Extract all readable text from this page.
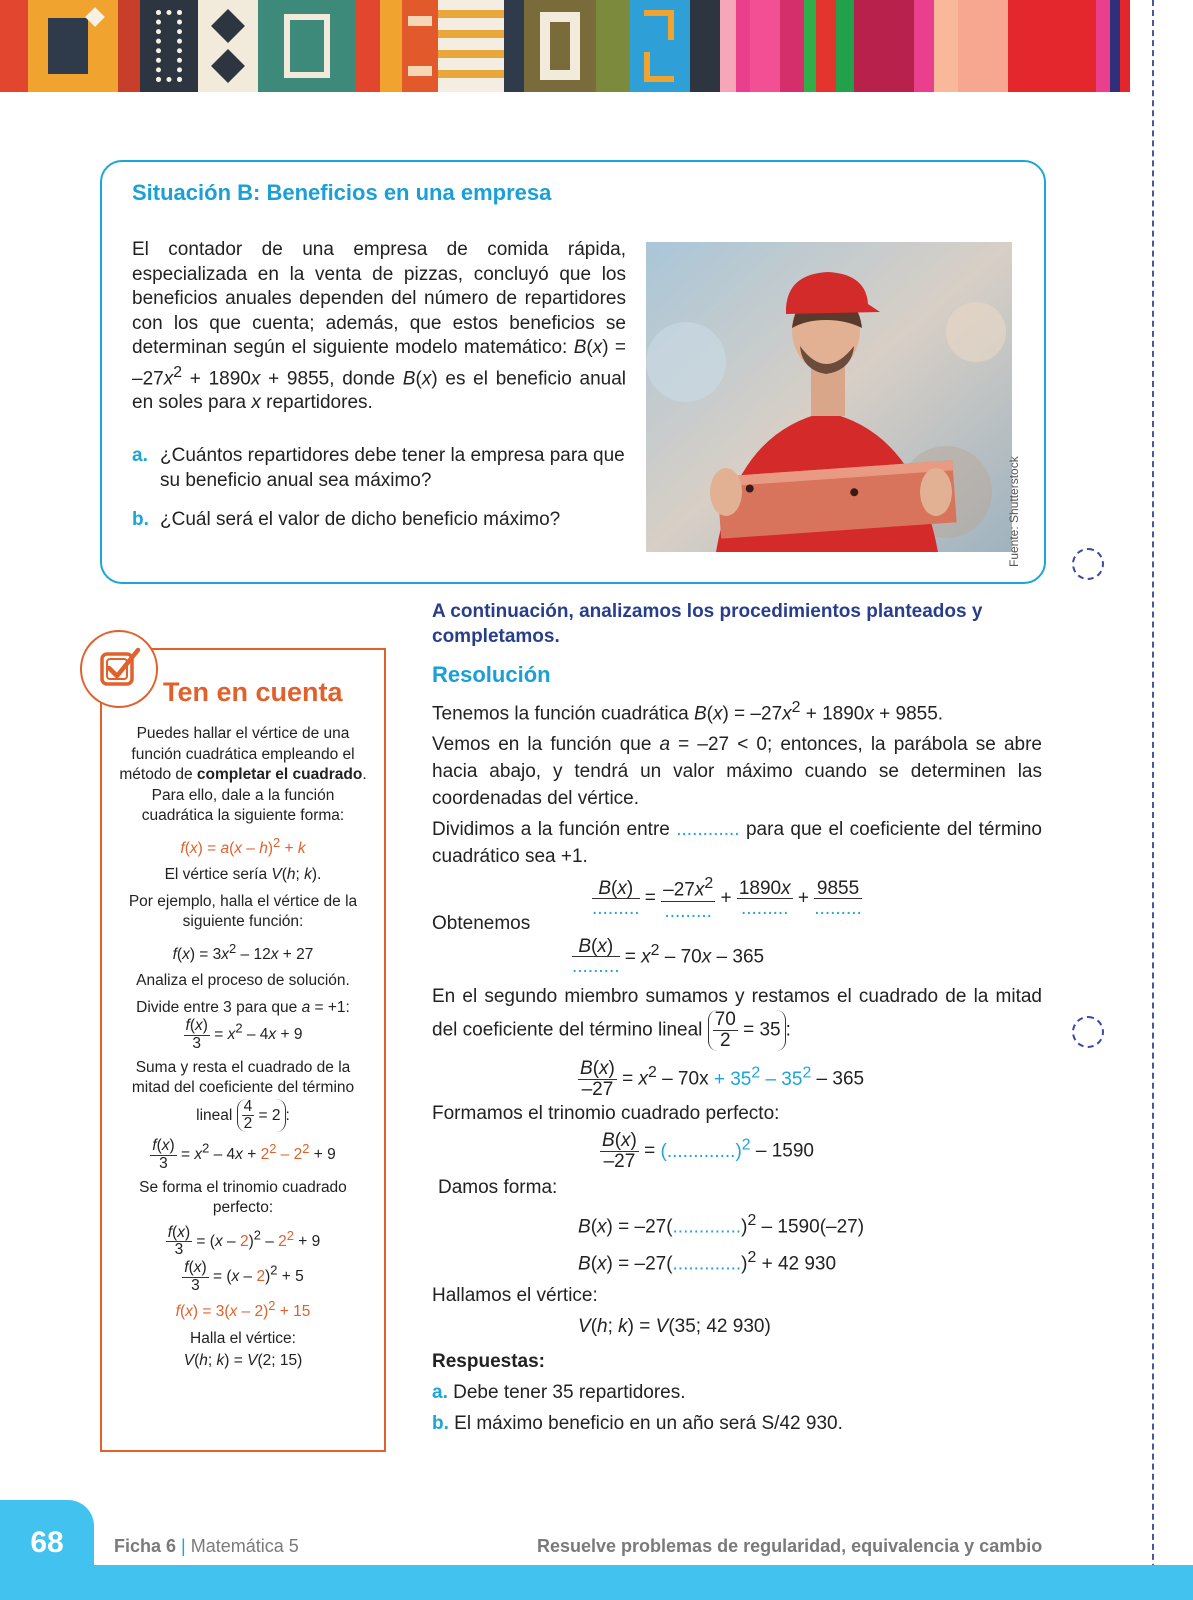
Situación B: Beneficios en una empresa
El contador de una empresa de comida rápida, especializada en la venta de pizzas, concluyó que los beneficios anuales dependen del número de repartidores con los que cuenta; además, que estos beneficios se determinan según el siguiente modelo matemático: $B(x) = -27x^2 + 1890x + 9855$, donde B(x) es el beneficio anual en soles para x repartidores.
a. ¿Cuántos repartidores debe tener la empresa para que su beneficio anual sea máximo?
b. ¿Cuál será el valor de dicho beneficio máximo?	Fuente: Shutterstock
Ten en cuenta

Puedes hallar el vértice de una función cuadrática empleando el método de completar el cuadrado. Para ello, dale a la función cuadrática la siguiente forma:

f(x) = a(x – h)$^2$ + k

El vértice sería V(h; k).

Por ejemplo, halla el vértice de la siguiente función:

$f(x) = 3x^2 - 12x + 27$

Analiza el proceso de solución.

Divide entre 3 para que a = +1:

$\frac{f(x)}{3} = x^2 - 4x + 9$

Suma y resta el cuadrado de la mitad del coeficiente del término lineal $\frac{4}{2} = 2$ :

$\frac{f(x)}{3} = x^2 - 4x + 2^2 - 2^2 + 9$

Se forma el trinomio cuadrado perfecto:

$\frac{f(x)}{3} = (x - 2)^2 - 2^2 + 9$

$\frac{f(x)}{3} = (x - 2)^2 + 5$

f(x) = 3(x – 2)$^2$ + 15

Halla el vértice:

V(h; k) = V(2; 15)

A continuación, analizamos los procedimientos planteados y completamos.

Resolución

Tenemos la función cuadrática $B(x) = -27x^2 + 1890x + 9855$.

Vemos en la función que a = –27 < 0; entonces, la parábola se abre hacia abajo, y tendrá un valor máximo cuando se determinen las coordenadas del vértice.

Dividimos a la función entre ............ para que el coeficiente del término cuadrático sea +1.

$\frac{B(x)}{.........} = \frac{-27x^2}{.........} + \frac{1890x}{.........} + \frac{9855}{.........}$

Obtenemos

$\frac{B(x)}{.........} = x^2 - 70x - 365$

En el segundo miembro sumamos y restamos el cuadrado de la mitad del coeficiente del término lineal $\frac{70}{2} = 35$ :

$\frac{B(x)}{-27} = x^2 - 70x + 35^2 - 35^2 - 365$

Formamos el trinomio cuadrado perfecto:

$\frac{B(x)}{-27} = (.............)^2 - 1590$

Damos forma:

B(x) = –27(.............)$^2$ – 1590(–27)

B(x) = –27(.............)$^2$ + 42 930

Hallamos el vértice:

V(h; k) = V(35; 42 930)

Respuestas:

a. Debe tener 35 repartidores.

b. El máximo beneficio en un año será S/42 930.

68	Ficha 6 | Matemática 5	Resuelve problemas de regularidad, equivalencia y cambio
